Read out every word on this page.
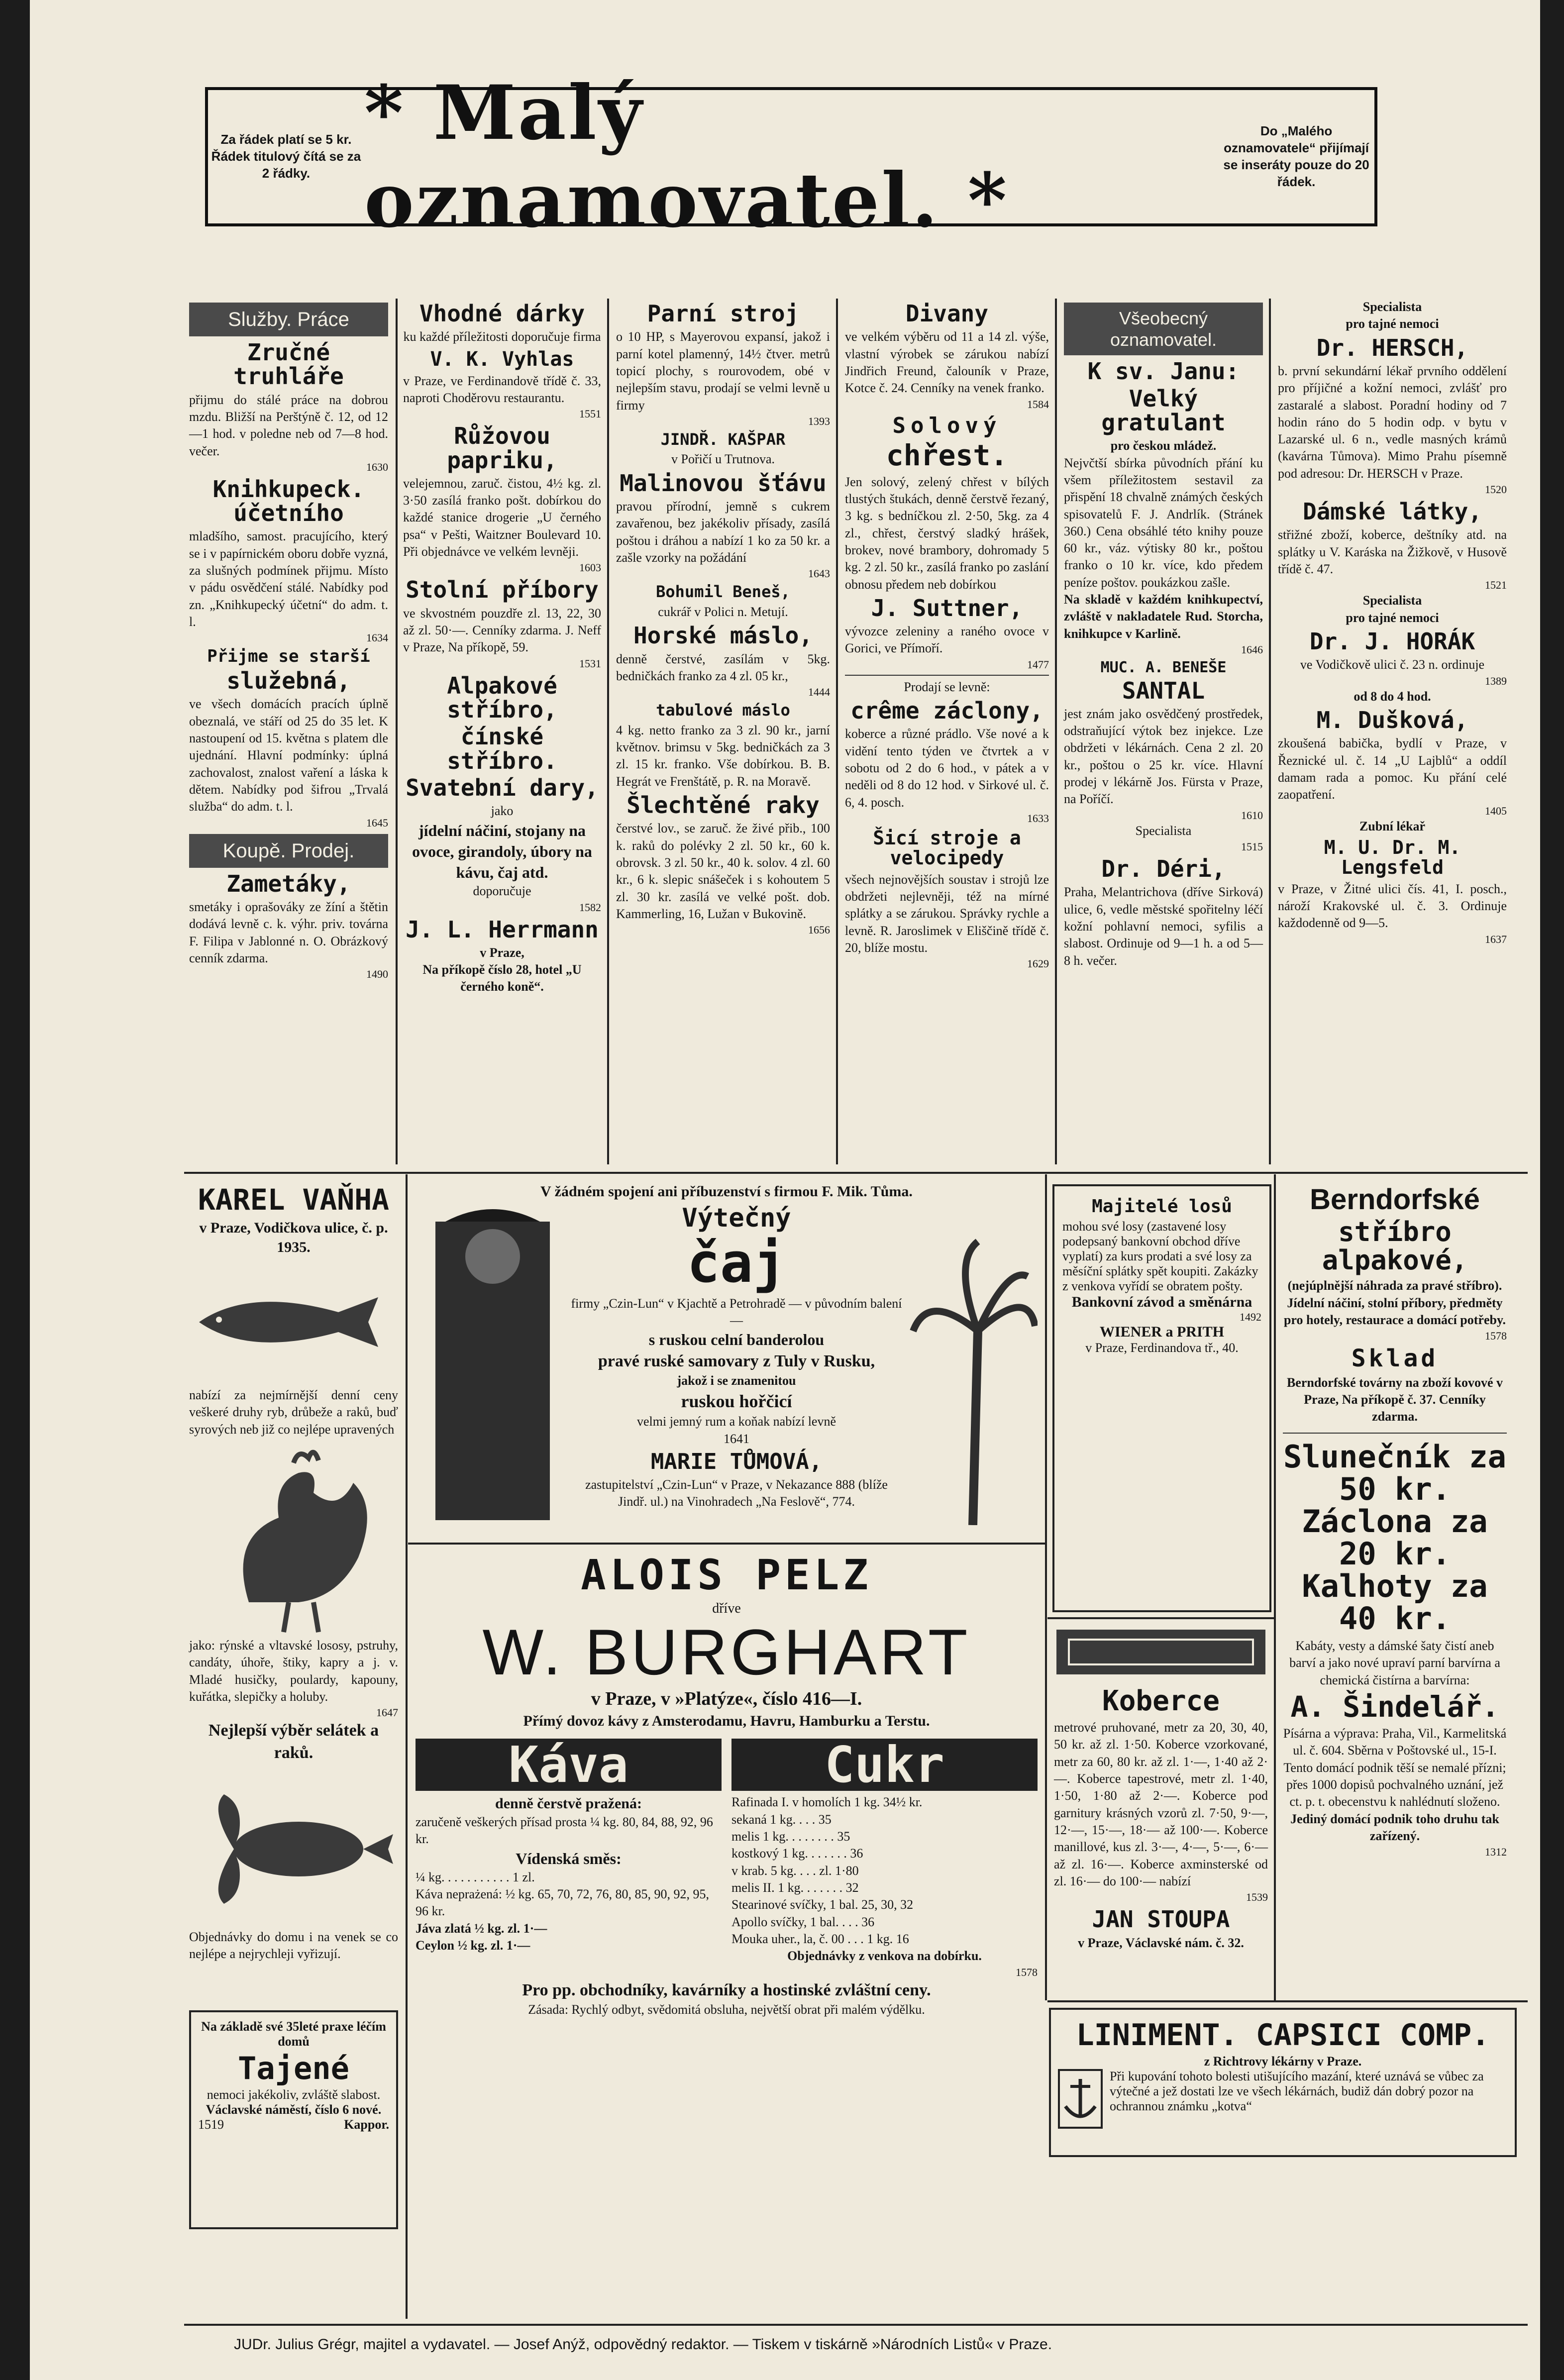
Za řádek platí se 5 kr. Řádek titulový čítá se za 2 řádky.
* Malý oznamovatel. *
Do „Malého oznamovatele“ přijímají se inseráty pouze do 20 řádek.
Služby. Práce
Zručné truhláře

přijmu do stálé práce na dobrou mzdu. Bližší na Perštýně č. 12, od 12—1 hod. v poledne neb od 7—8 hod. večer.

1630

Knihkupeck. účetního

mladšího, samost. pracujícího, který se i v papírnickém oboru dobře vyzná, za slušných podmínek přijmu. Místo v pádu osvědčení stálé. Nabídky pod zn. „Knihkupecký účetní“ do adm. t. l.

1634

Přijme se starší
služebná,

ve všech domácích pracích úplně obeznalá, ve stáří od 25 do 35 let. K nastoupení od 15. května s platem dle ujednání. Hlavní podmínky: úplná zachovalost, znalost vaření a láska k dětem. Nabídky pod šifrou „Trvalá služba“ do adm. t. l.

1645

Koupě. Prodej.
Zametáky,

smetáky i oprašováky ze žíní a štětin dodává levně c. k. výhr. priv. továrna F. Filipa v Jablonné n. O. Obrázkový cenník zdarma.

1490

Vhodné dárky

ku každé příležitosti doporučuje firma

V. K. Vyhlas

v Praze, ve Ferdinandově třídě č. 33, naproti Choděrovu restaurantu.

1551

Růžovou papriku,

velejemnou, zaruč. čistou, 4½ kg. zl. 3·50 zasílá franko pošt. dobírkou do každé stanice drogerie „U černého psa“ v Pešti, Waitzner Boulevard 10. Při objednávce ve velkém levněji.

1603

Stolní příbory

ve skvostném pouzdře zl. 13, 22, 30 až zl. 50·—. Cenníky zdarma. J. Neff v Praze, Na příkopě, 59.

1531

Alpakové stříbro,
čínské stříbro.
Svatební dary,

jako

jídelní náčiní, stojany na ovoce, girandoly, úbory na kávu, čaj atd.

doporučuje

1582

J. L. Herrmann

v Praze,

Na příkopě číslo 28, hotel „U černého koně“.

Parní stroj

o 10 HP, s Mayerovou expansí, jakož i parní kotel plamenný, 14½ čtver. metrů topicí plochy, s rourovodem, obé v nejlepším stavu, prodají se velmi levně u firmy

1393

JINDŘ. KAŠPAR

v Pořičí u Trutnova.

Malinovou šťávu

pravou přírodní, jemně s cukrem zavařenou, bez jakékoliv přísady, zasílá poštou i dráhou a nabízí 1 ko za 50 kr. a zašle vzorky na požádání

1643

Bohumil Beneš,

cukrář v Polici n. Metují.

Horské máslo,

denně čerstvé, zasílám v 5kg. bedničkách franko za 4 zl. 05 kr.,

1444

tabulové máslo

4 kg. netto franko za 3 zl. 90 kr., jarní květnov. brimsu v 5kg. bedničkách za 3 zl. 15 kr. franko. Vše dobírkou. B. B. Hegrát ve Frenštátě, p. R. na Moravě.

Šlechtěné raky

čerstvé lov., se zaruč. že živé přib., 100 k. raků do polévky 2 zl. 50 kr., 60 k. obrovsk. 3 zl. 50 kr., 40 k. solov. 4 zl. 60 kr., 6 k. slepic snášeček i s kohoutem 5 zl. 30 kr. zasílá ve velké pošt. dob. Kammerling, 16, Lužan v Bukovině.

1656

Divany

ve velkém výběru od 11 a 14 zl. výše, vlastní výrobek se zárukou nabízí Jindřich Freund, čalouník v Praze, Kotce č. 24. Cenníky na venek franko.

1584

Solový
chřest.

Jen solový, zelený chřest v bílých tlustých štukách, denně čerstvě řezaný, 3 kg. s bedníčkou zl. 2·50, 5kg. za 4 zl., chřest, čerstvý sladký hrášek, brokev, nové brambory, dohromady 5 kg. 2 zl. 50 kr., zasílá franko po zaslání obnosu předem neb dobírkou

J. Suttner,

vývozce zeleniny a raného ovoce v Gorici, ve Přímoří.

1477

Prodají se levně:

crême záclony,

koberce a různé prádlo. Vše nové a k vidění tento týden ve čtvrtek a v sobotu od 2 do 6 hod., v pátek a v neděli od 8 do 12 hod. v Sirkové ul. č. 6, 4. posch.

1633

Šicí stroje a velocipedy

všech nejnovějších soustav i strojů lze obdržeti nejlevněji, též na mírné splátky a se zárukou. Správky rychle a levně. R. Jaroslimek v Eliščině třídě č. 20, blíže mostu.

1629

Všeobecný oznamovatel.
K sv. Janu:
Velký gratulant

pro českou mládež.

Nejvčtší sbírka původních přání ku všem příležitostem sestavil za přispění 18 chvalně známých českých spisovatelů F. J. Andrlík. (Stránek 360.) Cena obsáhlé této knihy pouze 60 kr., váz. výtisky 80 kr., poštou franko o 10 kr. více, kdo předem peníze poštov. poukázkou zašle.

Na skladě v každém knihkupectví, zvláště v nakladatele Rud. Storcha, knihkupce v Karlině.

1646

MUC. A. BENEŠE
SANTAL

jest znám jako osvědčený prostředek, odstraňující výtok bez injekce. Lze obdržeti v lékárnách. Cena 2 zl. 20 kr., poštou o 25 kr. více. Hlavní prodej v lékárně Jos. Fürsta v Praze, na Poříčí.

1610

Specialista

1515

Dr. Déri,

Praha, Melantrichova (dříve Sirková) ulice, 6, vedle městské spořitelny léčí kožní pohlavní nemoci, syfilis a slabost. Ordinuje od 9—1 h. a od 5—8 h. večer.

Specialista

pro tajné nemoci

Dr. HERSCH,

b. první sekundární lékař prvního oddělení pro příjičné a kožní nemoci, zvlášť pro zastaralé a slabost. Poradní hodiny od 7 hodin ráno do 5 hodin odp. v bytu v Lazarské ul. 6 n., vedle masných krámů (kavárna Tůmova). Mimo Prahu písemně pod adresou: Dr. HERSCH v Praze.

1520

Dámské látky,

střižné zboží, koberce, deštníky atd. na splátky u V. Karáska na Žižkově, v Husově třídě č. 47.

1521

Specialista

pro tajné nemoci

Dr. J. HORÁK

ve Vodičkově ulici č. 23 n. ordinuje

1389

od 8 do 4 hod.

M. Dušková,

zkoušená babička, bydlí v Praze, v Řeznické ul. č. 14 „U Lajblů“ a oddíl damam rada a pomoc. Ku přání celé zaopatření.

1405

Zubní lékař

M. U. Dr. M. Lengsfeld

v Praze, v Žitné ulici čís. 41, I. posch., nároží Krakovské ul. č. 3. Ordinuje každodenně od 9—5.

1637

KAREL VAŇHA

v Praze, Vodičkova ulice, č. p. 1935.

nabízí za nejmírnější denní ceny veškeré druhy ryb, drůbeže a raků, buď syrových neb již co nejlépe upravených

jako: rýnské a vltavské lososy, pstruhy, candáty, úhoře, štiky, kapry a j. v. Mladé husičky, poulardy, kapouny, kuřátka, slepičky a holuby.

1647

Nejlepší výběr selátek a raků.

Objednávky do domu i na venek se co nejlépe a nejrychleji vyřizují.

Na základě své 35leté praxe léčím domů

Tajené

nemoci jakékoliv, zvláště slabost.

Václavské náměstí, číslo 6 nové.

1519	Kappor.

V žádném spojení ani příbuzenství s firmou F. Mik. Tůma.

Výtečný
čaj

firmy „Czin-Lun“ v Kjachtě a Petrohradě — v původním balení —

s ruskou celní banderolou

pravé ruské samovary z Tuly v Rusku,

jakož i se znamenitou

ruskou hořčicí

velmi jemný rum a koňak nabízí levně

1641

MARIE TŮMOVÁ,

zastupitelství „Czin-Lun“ v Praze, v Nekazance 888 (blíže Jindř. ul.) na Vinohradech „Na Feslově“, 774.

ALOIS PELZ

dříve

W. BURGHART

v Praze, v »Platýze«, číslo 416—I.

Přímý dovoz kávy z Amsterodamu, Havru, Hamburku a Terstu.

Káva

denně čerstvě pražená:

zaručeně veškerých přísad prosta ¼ kg. 80, 84, 88, 92, 96 kr.

Vídenská směs:

¼ kg. . . . . . . . . . . 1 zl.

Káva neprażená: ½ kg. 65, 70, 72, 76, 80, 85, 90, 92, 95, 96 kr.

Jáva zlatá ½ kg. zl. 1·—

Ceylon ½ kg. zl. 1·—

Cukr

Rafinada I. v homolích 1 kg. 34½ kr.

sekaná 1 kg. . . . 35

melis 1 kg. . . . . . . . 35

kostkový 1 kg. . . . . . . 36

v krab. 5 kg. . . . zl. 1·80

melis II. 1 kg. . . . . . . 32

Stearinové svíčky, 1 bal. 25, 30, 32

Apollo svíčky, 1 bal. . . . 36

Mouka uher., la, č. 00 . . . 1 kg. 16

Objednávky z venkova na dobírku.

1578

Pro pp. obchodníky, kavárníky a hostinské zvláštní ceny.

Zásada: Rychlý odbyt, svědomitá obsluha, největší obrat při malém výdělku.

Majitelé losů

mohou své losy (zastavené losy podepsaný bankovní obchod dříve vyplatí) za kurs prodati a své losy za měsíční splátky spět koupiti. Zakázky z venkova vyřídí se obratem pošty.

Bankovní závod a směnárna

1492

WIENER a PRITH

v Praze, Ferdinandova tř., 40.

Koberce

metrové pruhované, metr za 20, 30, 40, 50 kr. až zl. 1·50. Koberce vzorkované, metr za 60, 80 kr. až zl. 1·—, 1·40 až 2·—. Koberce tapestrové, metr zl. 1·40, 1·50, 1·80 až 2·—. Koberce pod garnitury krásných vzorů zl. 7·50, 9·—, 12·—, 15·—, 18·— až 100·—. Koberce manillové, kus zl. 3·—, 4·—, 5·—, 6·— až zl. 16·—. Koberce axminsterské od zl. 16·— do 100·— nabízí

1539

JAN STOUPA

v Praze, Václavské nám. č. 32.

Berndorfské
stříbro alpakové,

(nejúplnější náhrada za pravé stříbro).

Jídelní náčiní, stolní příbory, předměty pro hotely, restaurace a domácí potřeby.

1578

Sklad

Berndorfské továrny na zboží kovové v Praze, Na příkopě č. 37. Cenníky zdarma.

Slunečník za 50 kr. Záclona za 20 kr. Kalhoty za 40 kr.

Kabáty, vesty a dámské šaty čistí aneb barví a jako nové upraví parní barvírna a chemická čistírna a barvírna:

A. Šindelář.

Písárna a výprava: Praha, Vil., Karmelitská ul. č. 604. Sběrna v Poštovské ul., 15-I. Tento domácí podnik těší se nemalé přízni; přes 1000 dopisů pochvalného uznání, jež ct. p. t. obecenstvu k nahlédnutí složeno.

Jediný domácí podnik toho druhu tak zařízený.

1312

LINIMENT. CAPSICI COMP.

z Richtrovy lékárny v Praze.

Při kupování tohoto bolesti utišujícího mazání, které uznává se vůbec za výtečné a jež dostati lze ve všech lékárnách, budiž dán dobrý pozor na ochrannou známku „kotva“

JUDr. Julius Grégr, majitel a vydavatel. — Josef Anýž, odpovědný redaktor. — Tiskem v tiskárně »Národních Listů« v Praze.
